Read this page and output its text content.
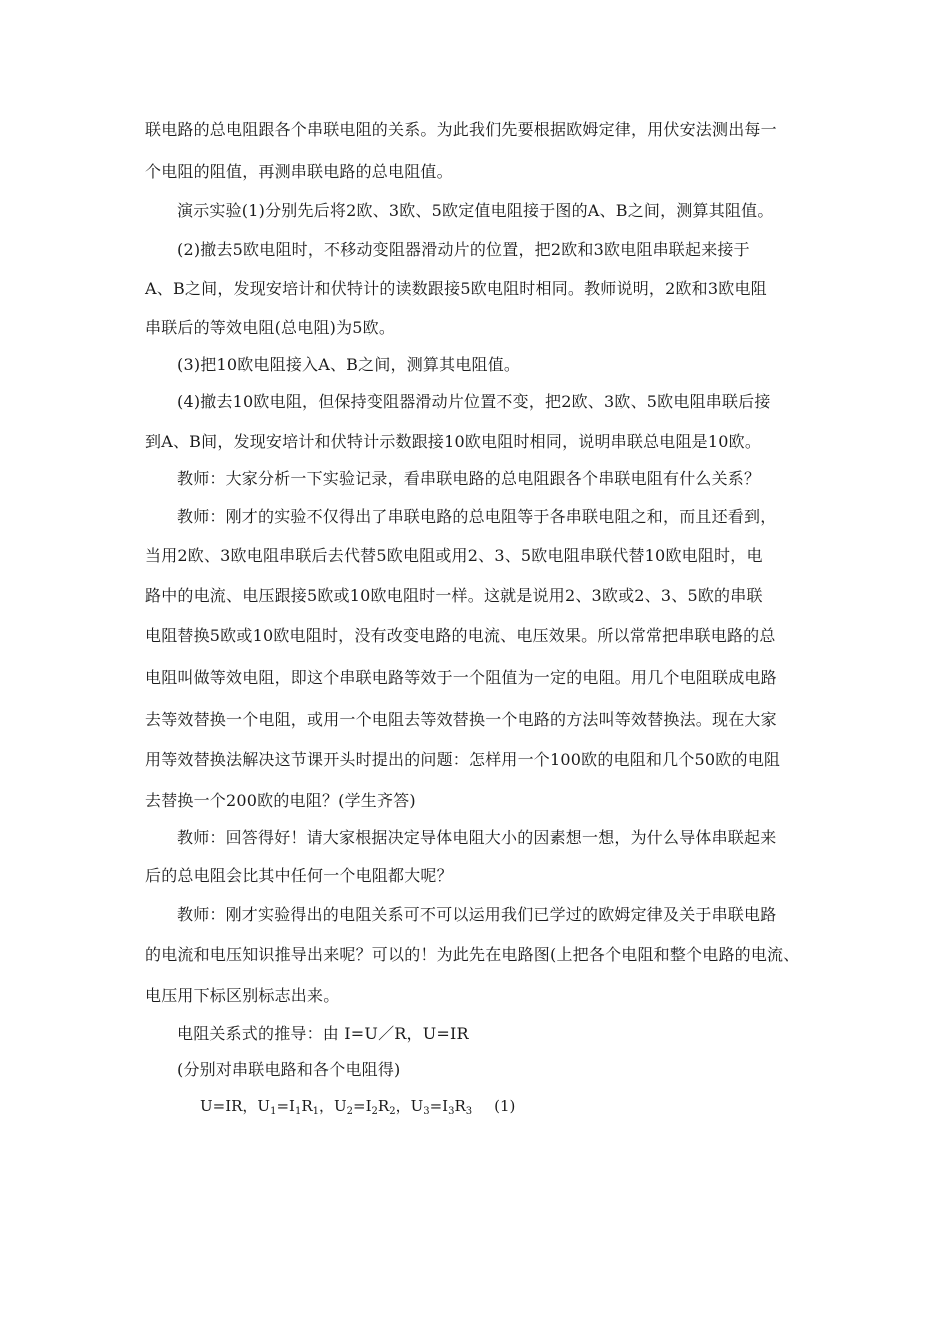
联电路的总电阻跟各个串联电阻的关系。为此我们先要根据欧姆定律，用伏安法测出每一
个电阻的阻值，再测串联电路的总电阻值。
演示实验(1)分别先后将2欧、3欧、5欧定值电阻接于图的A、B之间，测算其阻值。
(2)撤去5欧电阻时，不移动变阻器滑动片的位置，把2欧和3欧电阻串联起来接于
A、B之间，发现安培计和伏特计的读数跟接5欧电阻时相同。教师说明，2欧和3欧电阻
串联后的等效电阻(总电阻)为5欧。
(3)把10欧电阻接入A、B之间，测算其电阻值。
(4)撤去10欧电阻，但保持变阻器滑动片位置不变，把2欧、3欧、5欧电阻串联后接
到A、B间，发现安培计和伏特计示数跟接10欧电阻时相同，说明串联总电阻是10欧。
教师：大家分析一下实验记录，看串联电路的总电阻跟各个串联电阻有什么关系？
教师：刚才的实验不仅得出了串联电路的总电阻等于各串联电阻之和，而且还看到，
当用2欧、3欧电阻串联后去代替5欧电阻或用2、3、5欧电阻串联代替10欧电阻时，电
路中的电流、电压跟接5欧或10欧电阻时一样。这就是说用2、3欧或2、3、5欧的串联
电阻替换5欧或10欧电阻时，没有改变电路的电流、电压效果。所以常常把串联电路的总
电阻叫做等效电阻，即这个串联电路等效于一个阻值为一定的电阻。用几个电阻联成电路
去等效替换一个电阻，或用一个电阻去等效替换一个电路的方法叫等效替换法。现在大家
用等效替换法解决这节课开头时提出的问题：怎样用一个100欧的电阻和几个50欧的电阻
去替换一个200欧的电阻？(学生齐答)
教师：回答得好！请大家根据决定导体电阻大小的因素想一想，为什么导体串联起来
后的总电阻会比其中任何一个电阻都大呢？
教师：刚才实验得出的电阻关系可不可以运用我们已学过的欧姆定律及关于串联电路
的电流和电压知识推导出来呢？可以的！为此先在电路图(上把各个电阻和整个电路的电流、
电压用下标区别标志出来。
电阻关系式的推导：由 I=U／R，U=IR
(分别对串联电路和各个电阻得)
U=IR，$U_1=I_1R_1$，$U_2=I_2R_2$，$U_3=I_3R_3$ (1)
